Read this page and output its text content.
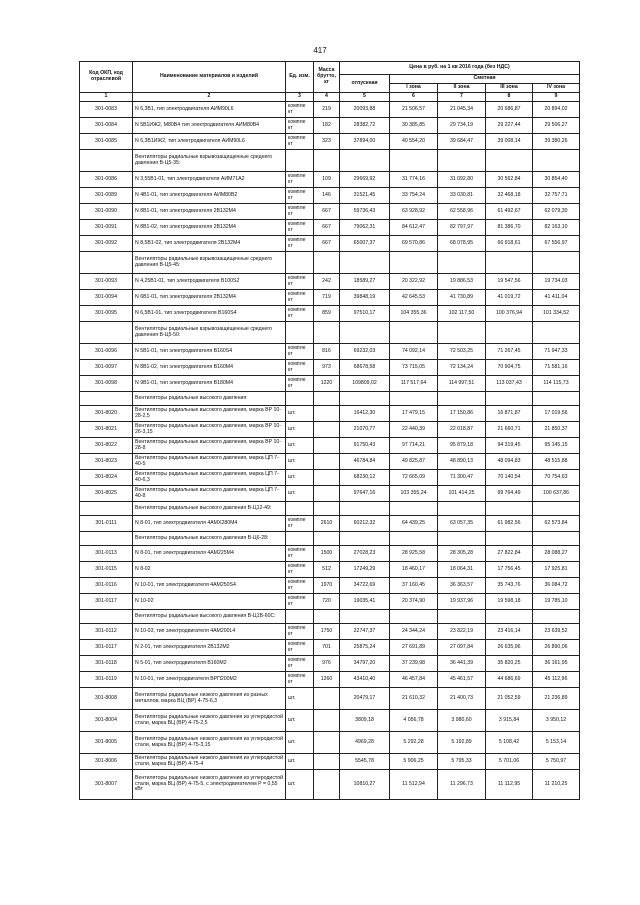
417
Код ОКП, код отраслевой	Наименование материалов и изделий	Ед. изм.	Масса брутто, кг	Цена в руб. на 1 кв 2016 года (без НДС)				
				отпускная	Сметная			
					I зона	II зона	III зона	IV зона
1	2	3	4	5	6	7	8	9
301-0083	N 6,3В1, тип электродвигателя АИМ90L6	компле кт	219	20093,88	21 506,57	21 045,34	20 686,87	20 894,02
301-0084	N 5В1ИЖ2, М80В4 тип электродвигателя АИМ80В4	компле кт	182	28382,72	30 385,85	29 734,19	29 227,44	29 506,27
301-0085	N 6,3В1ИЖ2, тип электродвигателя АИМ90L6	компле кт	323	37894,00	40 554,20	39 684,47	39 008,14	39 380,26
	Вентиляторы радиальные взрывозащищенные среднего давления В-Ц5-35:							
301-0086	N 3,55В1-01, тип электродвигателя АИМ71А2	компле кт	109	29669,92	31 774,16	31 092,80	30 562,84	30 854,40
301-0089	N 4В1-01, тип электродвигателя АИМ80В2	компле кт	146	31521,45	33 754,24	33 030,81	32 468,18	32 757,71
301-0090	N 8В1-01, тип электродвигателя 2В132М4	компле кт	667	59736,43	63 928,92	62 558,96	61 492,67	62 079,30
301-0091	N 8В1-02, тип электродвигателя 2В132М4	компле кт	667	79062,31	84 612,47	82 797,97	81 386,70	82 163,10
301-0092	N 8,5В1-02, тип электродвигателя 2В132М4	компле кт	667	65007,37	69 570,86	68 078,95	66 918,61	67 556,97
	Вентиляторы радиальные взрывозащищенные среднего давления В-Ц5-45:							
301-0093	N 4,25В1-01, тип электродвигателя В100S2	компле кт	242	18589,27	20 322,92	19 886,53	19 547,56	19 734,03
301-0094	N 6В1-01, тип электродвигателя 2В132М4	компле кт	719	39848,19	42 645,53	41 730,89	41 019,72	41 411,04
301-0095	N 6,5В1-01, тип электродвигателя В160S4	компле кт	859	97510,17	104 355,36	102 117,50	100 376,94	101 334,52
	Вентиляторы радиальные взрывозащищенные среднего давления В-Ц5-50:							
301-0096	N 5В1-01, тип электродвигателя В160S4	компле кт	816	69232,03	74 092,14	72 503,25	71 267,45	71 947,33
301-0097	N 8В1-02, тип электродвигателя В160М4	компле кт	973	68678,58	73 715,05	72 134,24	70 904,75	71 581,16
301-0098	N 9В1-01, тип электродвигателя В180М4	компле кт	1220	109809,02	117 517,64	114 997,51	113 037,43	114 115,73
	Вентиляторы радиальные высокого давления:							
301-8020	Вентиляторы радиальные высокого давления, марка ВР 10-28-2,5	шт.		16412,30	17 479,15	17 150,86	16 871,87	17 019,56
301-8021	Вентиляторы радиальные высокого давления, марка ВР 10-26-3,15	шт.		21070,77	22 440,39	22 018,87	21 660,71	21 850,37
301-8022	Вентиляторы радиальные высокого давления, марка ВР 10-28-8	шт.		91750,43	97 714,21	95 879,18	94 319,45	95 145,15
301-8023	Вентиляторы радиальные высокого давления, марка ЦП 7-40-5	шт.		46784,84	49 825,87	48 890,13	48 094,83	48 515,88
301-8024	Вентиляторы радиальные высокого давления, марка ЦП 7-40-6,3	шт.		68230,12	72 665,09	71 300,47	70 140,54	70 754,63
301-8025	Вентиляторы радиальные высокого давления, марка ЦП 7-40-8	шт.		97647,16	103 355,24	101 414,25	99 764,49	100 637,86
	Вентиляторы радиальные высокого давления В-Ц12-49:							
301-0111	N 8-01, тип электродвигателя 4АМХ280М4	компле кт	2610	60212,32	64 439,25	63 057,35	61 982,56	62 573,84
	Вентиляторы радиальные высокого давления В-Ц6-28:							
301-0113	N 8-01, тип электродвигателя 4АМ225М4	компле кт	1500	27028,23	28 925,58	28 305,28	27 822,84	28 088,27
301-0115	N 8-02	компле кт	512	17249,29	18 460,17	18 064,31	17 756,45	17 925,81
301-0116	N 10-01, тип электродвигателя 4АМ250S4	компле кт	1970	34722,69	37 160,45	36 363,57	35 743,76	36 084,72
301-0117	N 10-02	компле кт	720	19035,41	20 374,90	19 937,96	19 598,18	19 785,10
	Вентиляторы радиальные высокого давления В-Ц1В-60С:							
301-0112	N 10-03, тип электродвигателя 4АМ200L4	компле кт	1750	22747,37	24 344,24	23 822,19	23 416,14	23 639,52
301-0117	N 2-01, тип электродвигателя 2В132М2	компле кт	701	25875,24	27 691,89	27 097,84	26 635,96	26 890,06
301-0118	N 5-01, тип электродвигателя В160М2	компле кт	976	34797,20	37 239,98	36 441,39	35 820,25	36 161,95
301-0119	N 10-01, тип электродвигателя ВРП200М2	компле кт	1260	43410,40	46 457,84	45 461,57	44 686,69	45 112,96
301-8008	Вентиляторы радиальные низкого давления из разных металлов, марка ВЦ (ВР) 4-75-6,3	шт.		20479,17	21 610,32	21 400,73	21 052,59	21 236,89
301-8004	Вентиляторы радиальные низкого давления из углеродистой стали, марка ВЦ (ВР) 4-75-2,5	шт.		3809,18	4 056,78	3 980,60	3 915,84	3 950,12
301-8005	Вентиляторы радиальные низкого давления из углеродистой стали, марка ВЦ (ВР) 4-75-3,15	шт.		4969,28	5 292,28	5 192,89	5 108,42	5 153,14
301-8006	Вентиляторы радиальные низкого давления из углеродистой стали, марка ВЦ (ВР) 4-75-4	шт.		5545,78	5 906,25	5 795,33	5 701,06	5 750,97
301-8007	Вентиляторы радиальные низкого давления из углеродистой стали, марка ВЦ (ВР) 4-75-5, с электродвигателем Р = 0,55 кВт	шт.		10810,27	11 512,94	11 296,73	11 112,95	11 210,25
